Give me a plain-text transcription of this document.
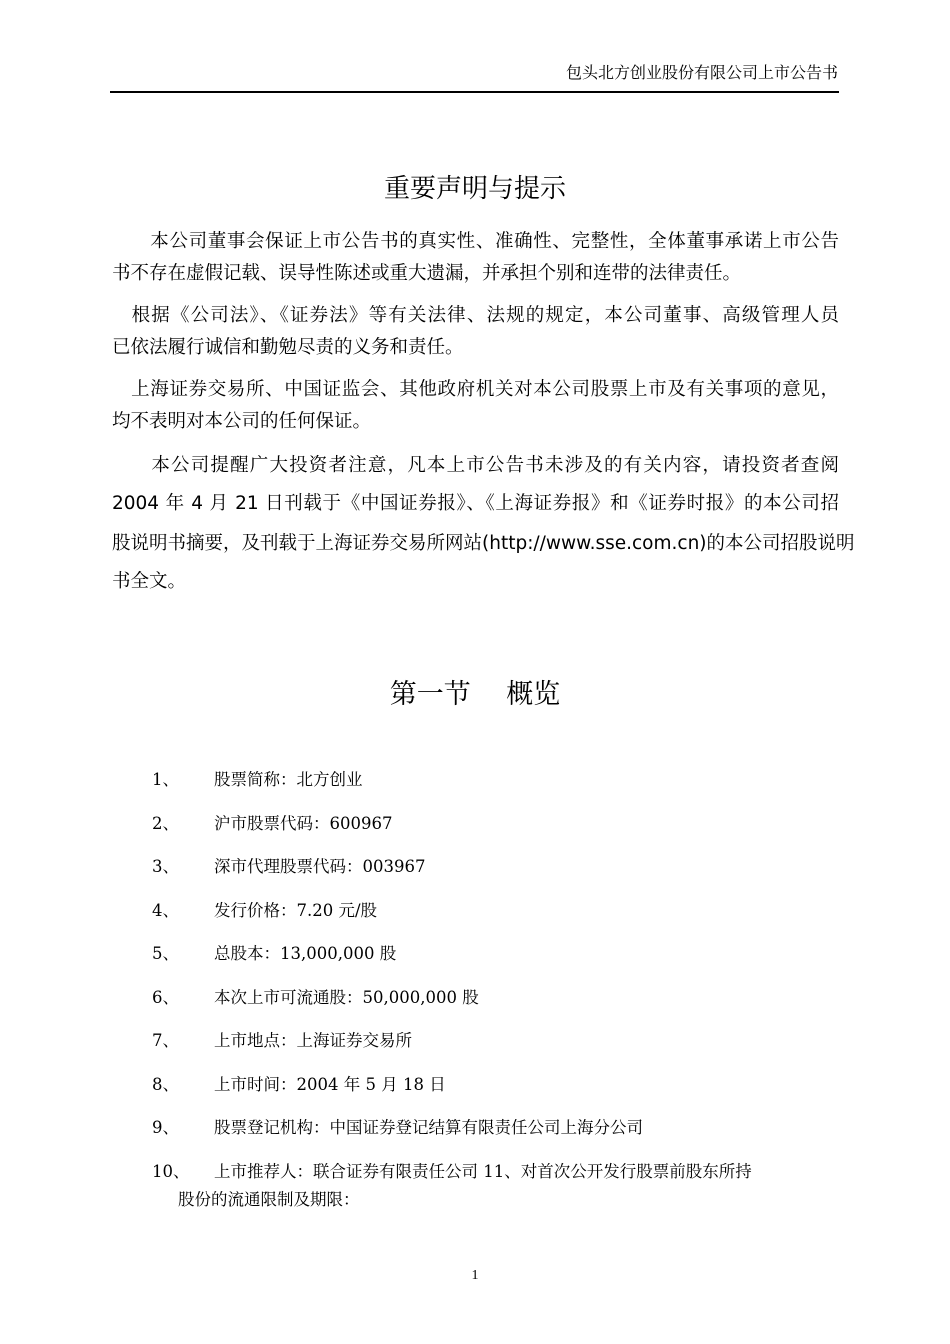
包头北方创业股份有限公司上市公告书
重要声明与提示
　　本公司董事会保证上市公告书的真实性、准确性、完整性，全体董事承诺上市公告
书不存在虚假记载、误导性陈述或重大遗漏，并承担个别和连带的法律责任。
　根据《公司法》、《证券法》等有关法律、法规的规定，本公司董事、高级管理人员
已依法履行诚信和勤勉尽责的义务和责任。
　上海证券交易所、中国证监会、其他政府机关对本公司股票上市及有关事项的意见，
均不表明对本公司的任何保证。
　　本公司提醒广大投资者注意，凡本上市公告书未涉及的有关内容，请投资者查阅
2004 年 4 月 21 日刊载于《中国证券报》、《上海证券报》和《证券时报》的本公司招
股说明书摘要，及刊载于上海证券交易所网站(http://www.sse.com.cn)的本公司招股说明
书全文。
第一节　 概览
1、 股票简称：北方创业
2、 沪市股票代码：600967
3、 深市代理股票代码：003967
4、 发行价格：7.20 元/股
5、 总股本：13,000,000 股
6、 本次上市可流通股：50,000,000 股
7、 上市地点：上海证券交易所
8、 上市时间：2004 年 5 月 18 日
9、 股票登记机构：中国证券登记结算有限责任公司上海分公司
10、 上市推荐人：联合证券有限责任公司 11、对首次公开发行股票前股东所持
股份的流通限制及期限：
1
